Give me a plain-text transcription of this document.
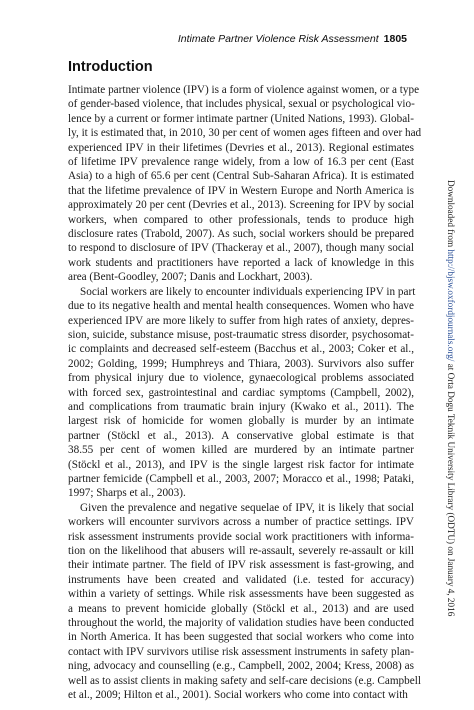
Intimate Partner Violence Risk Assessment 1805
Introduction
Intimate partner violence (IPV) is a form of violence against women, or a type
of gender-based violence, that includes physical, sexual or psychological vio-
lence by a current or former intimate partner (United Nations, 1993). Global-
ly, it is estimated that, in 2010, 30 per cent of women ages fifteen and over had
experienced IPV in their lifetimes (Devries et al., 2013). Regional estimates
of lifetime IPV prevalence range widely, from a low of 16.3 per cent (East
Asia) to a high of 65.6 per cent (Central Sub-Saharan Africa). It is estimated
that the lifetime prevalence of IPV in Western Europe and North America is
approximately 20 per cent (Devries et al., 2013). Screening for IPV by social
workers, when compared to other professionals, tends to produce high
disclosure rates (Trabold, 2007). As such, social workers should be prepared
to respond to disclosure of IPV (Thackeray et al., 2007), though many social
work students and practitioners have reported a lack of knowledge in this
area (Bent-Goodley, 2007; Danis and Lockhart, 2003).
Social workers are likely to encounter individuals experiencing IPV in part
due to its negative health and mental health consequences. Women who have
experienced IPV are more likely to suffer from high rates of anxiety, depres-
sion, suicide, substance misuse, post-traumatic stress disorder, psychosomat-
ic complaints and decreased self-esteem (Bacchus et al., 2003; Coker et al.,
2002; Golding, 1999; Humphreys and Thiara, 2003). Survivors also suffer
from physical injury due to violence, gynaecological problems associated
with forced sex, gastrointestinal and cardiac symptoms (Campbell, 2002),
and complications from traumatic brain injury (Kwako et al., 2011). The
largest risk of homicide for women globally is murder by an intimate
partner (Stöckl et al., 2013). A conservative global estimate is that
38.55 per cent of women killed are murdered by an intimate partner
(Stöckl et al., 2013), and IPV is the single largest risk factor for intimate
partner femicide (Campbell et al., 2003, 2007; Moracco et al., 1998; Pataki,
1997; Sharps et al., 2003).
Given the prevalence and negative sequelae of IPV, it is likely that social
workers will encounter survivors across a number of practice settings. IPV
risk assessment instruments provide social work practitioners with informa-
tion on the likelihood that abusers will re-assault, severely re-assault or kill
their intimate partner. The field of IPV risk assessment is fast-growing, and
instruments have been created and validated (i.e. tested for accuracy)
within a variety of settings. While risk assessments have been suggested as
a means to prevent homicide globally (Stöckl et al., 2013) and are used
throughout the world, the majority of validation studies have been conducted
in North America. It has been suggested that social workers who come into
contact with IPV survivors utilise risk assessment instruments in safety plan-
ning, advocacy and counselling (e.g., Campbell, 2002, 2004; Kress, 2008) as
well as to assist clients in making safety and self-care decisions (e.g. Campbell
et al., 2009; Hilton et al., 2001). Social workers who come into contact with
Downloaded from http://bjsw.oxfordjournals.org/ at Orta Dogu Teknik University Library (ODTU) on January 4, 2016
